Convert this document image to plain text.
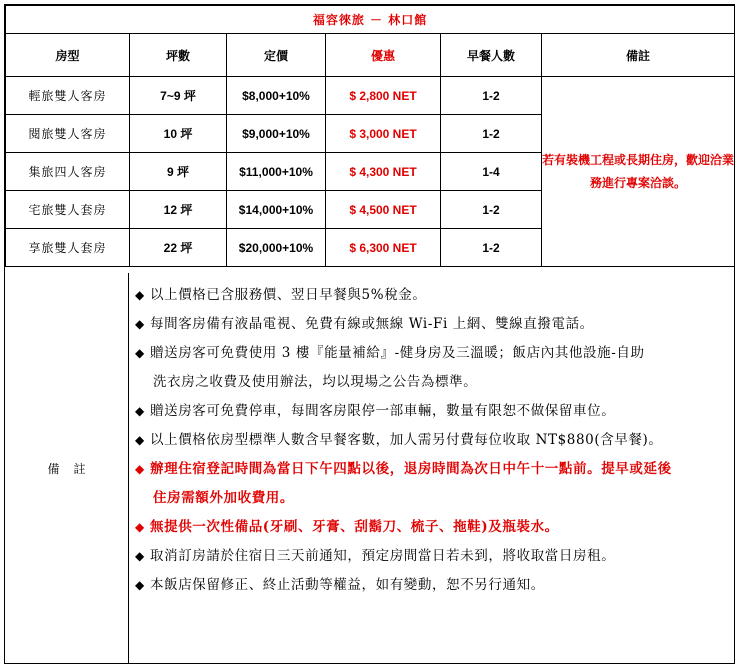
福容徠旅 － 林口館					
房型	坪數	定價	優惠	早餐人數	備註
輕旅雙人客房	7~9 坪	$8,000+10%	$ 2,800 NET	1-2	若有裝機工程或長期住房，歡迎洽業務進行專案洽談。
閱旅雙人客房	10 坪	$9,000+10%	$ 3,000 NET	1-2	
集旅四人客房	9 坪	$11,000+10%	$ 4,300 NET	1-4	
宅旅雙人套房	12 坪	$14,000+10%	$ 4,500 NET	1-2	
享旅雙人套房	22 坪	$20,000+10%	$ 6,300 NET	1-2	
備註
◆ 以上價格已含服務價、翌日早餐與5%稅金。
◆ 每間客房備有液晶電視、免費有線或無線 Wi-Fi 上網、雙線直撥電話。
◆ 贈送房客可免費使用 3 樓『能量補給』-健身房及三溫暖；飯店內其他設施-自助
洗衣房之收費及使用辦法，均以現場之公告為標準。
◆ 贈送房客可免費停車，每間客房限停一部車輛，數量有限恕不做保留車位。
◆ 以上價格依房型標準人數含早餐客數，加人需另付費每位收取 NT$880(含早餐)。
◆ 辦理住宿登記時間為當日下午四點以後，退房時間為次日中午十一點前。提早或延後
住房需額外加收費用。
◆ 無提供一次性備品(牙刷、牙膏、刮鬍刀、梳子、拖鞋)及瓶裝水。
◆ 取消訂房請於住宿日三天前通知，預定房間當日若未到，將收取當日房租。
◆ 本飯店保留修正、終止活動等權益，如有變動，恕不另行通知。
